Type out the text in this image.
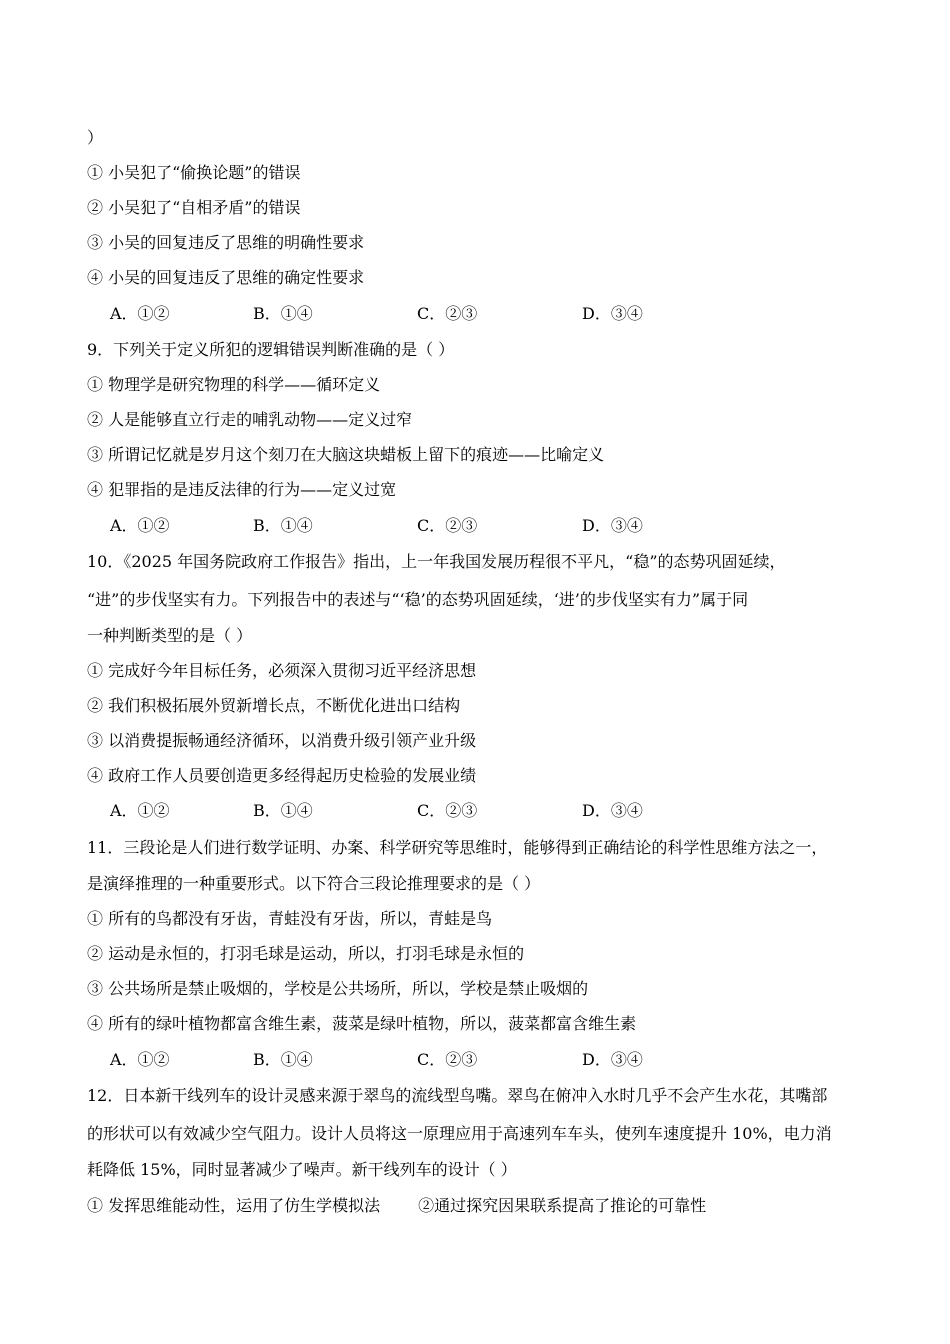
）
① 小吴犯了“偷换论题”的错误
② 小吴犯了“自相矛盾”的错误
③ 小吴的回复违反了思维的明确性要求
④ 小吴的回复违反了思维的确定性要求
A．①②	B．①④	C．②③	D．③④
9．下列关于定义所犯的逻辑错误判断准确的是（ ）
① 物理学是研究物理的科学——循环定义
② 人是能够直立行走的哺乳动物——定义过窄
③ 所谓记忆就是岁月这个刻刀在大脑这块蜡板上留下的痕迹——比喻定义
④ 犯罪指的是违反法律的行为——定义过宽
A．①②	B．①④	C．②③	D．③④
10．《2025 年国务院政府工作报告》指出，上一年我国发展历程很不平凡，“稳”的态势巩固延续，
“进”的步伐坚实有力。下列报告中的表述与“‘稳’的态势巩固延续，‘进’的步伐坚实有力”属于同
一种判断类型的是（ ）
① 完成好今年目标任务，必须深入贯彻习近平经济思想
② 我们积极拓展外贸新增长点，不断优化进出口结构
③ 以消费提振畅通经济循环，以消费升级引领产业升级
④ 政府工作人员要创造更多经得起历史检验的发展业绩
A．①②	B．①④	C．②③	D．③④
11．三段论是人们进行数学证明、办案、科学研究等思维时，能够得到正确结论的科学性思维方法之一，
是演绎推理的一种重要形式。以下符合三段论推理要求的是（ ）
① 所有的鸟都没有牙齿，青蛙没有牙齿，所以，青蛙是鸟
② 运动是永恒的，打羽毛球是运动，所以，打羽毛球是永恒的
③ 公共场所是禁止吸烟的，学校是公共场所，所以，学校是禁止吸烟的
④ 所有的绿叶植物都富含维生素，菠菜是绿叶植物，所以，菠菜都富含维生素
A．①②	B．①④	C．②③	D．③④
12．日本新干线列车的设计灵感来源于翠鸟的流线型鸟嘴。翠鸟在俯冲入水时几乎不会产生水花，其嘴部
的形状可以有效减少空气阻力。设计人员将这一原理应用于高速列车车头，使列车速度提升 10%，电力消
耗降低 15%，同时显著减少了噪声。新干线列车的设计（ ）
① 发挥思维能动性，运用了仿生学模拟法 ②通过探究因果联系提高了推论的可靠性
